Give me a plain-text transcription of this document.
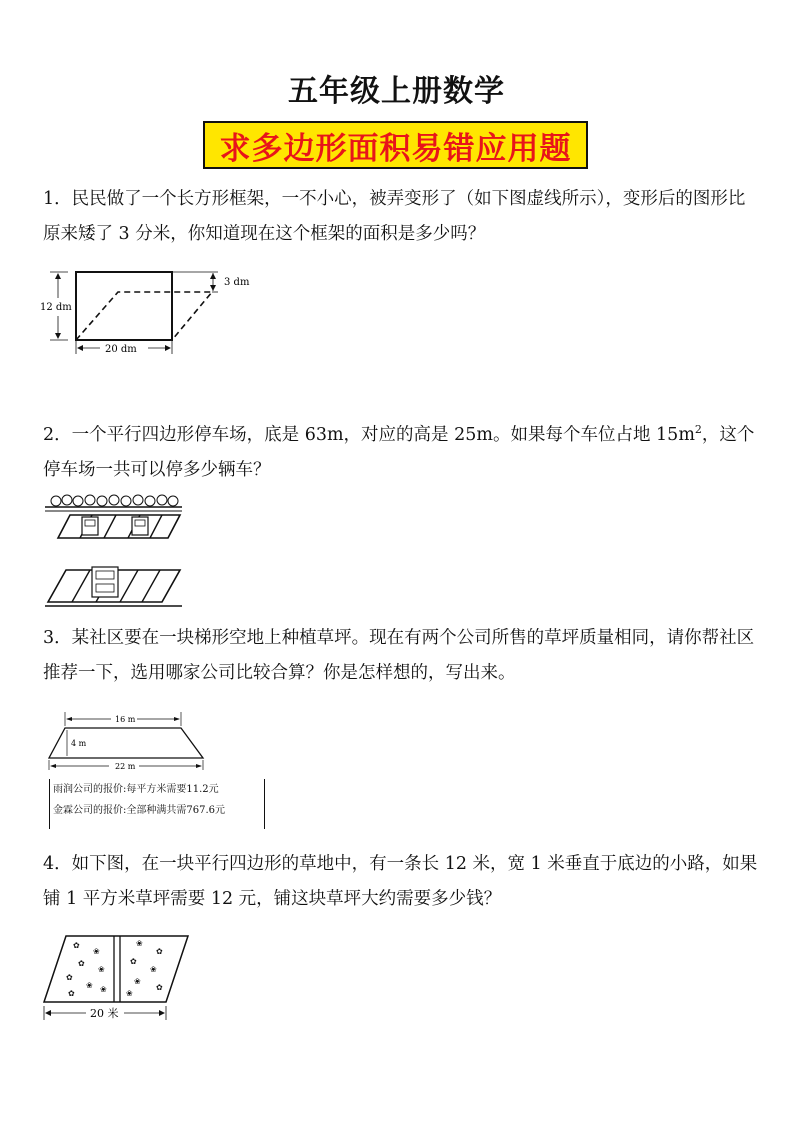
五年级上册数学
求多边形面积易错应用题
1．民民做了一个长方形框架，一不小心，被弄变形了（如下图虚线所示），变形后的图形比原来矮了 3 分米，你知道现在这个框架的面积是多少吗？
3 dm
12 dm
20 dm
2．一个平行四边形停车场，底是 63m，对应的高是 25m。如果每个车位占地 $15m^2$，这个停车场一共可以停多少辆车？
3．某社区要在一块梯形空地上种植草坪。现在有两个公司所售的草坪质量相同，请你帮社区推荐一下，选用哪家公司比较合算？你是怎样想的，写出来。
16 m
4 m
22 m
雨润公司的报价:每平方米需要11.2元
金霖公司的报价:全部种满共需767.6元
4．如下图，在一块平行四边形的草地中，有一条长 12 米，宽 1 米垂直于底边的小路，如果铺 1 平方米草坪需要 12 元，铺这块草坪大约需要多少钱？
✿
❀
✿
❀
✿
❀
✿	❀
❀
✿
✿
❀
❀
✿
❀
20 米
